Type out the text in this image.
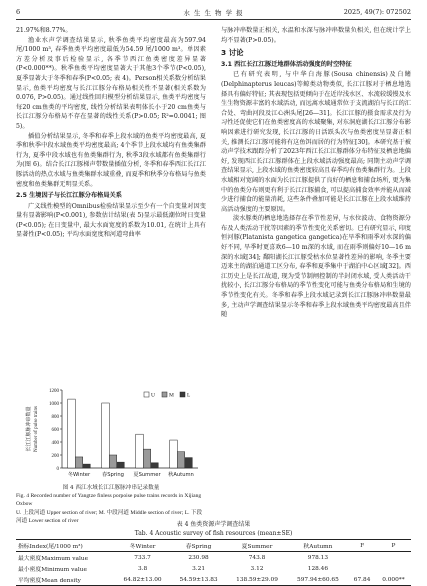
6	水 生 生 物 学 报	2025, 49(7): 072502

21.97%和8.77%。

渔业水声学调查结果显示, 秋季鱼类平均密度最高为597.94 尾/1000 m³, 春季鱼类平均密度最低为54.59 尾/1000 m³。单因素方差分析及事后检验显示, 各季节西江鱼类密度差异显著(P<0.000**)。秋季鱼类平均密度显著大于其他3个季节(P<0.05), 夏季显著大于冬季和春季(P<0.05; 表 4)。Person相关系数分析结果显示, 鱼类平均密度与长江江豚分布格局相关性不显著(相关系数为0.076, P>0.05)。通过线性回归模型分析结果显示, 鱼类平均密度与每20 cm鱼类的平均密度, 线性分析结果表明体长小于20 cm鱼类与长江江豚分布格局不存在显著的线性关系(P>0.05; R²=0.0041; 图 5)。

插值分析结果显示, 冬季和春季上段水域的鱼类平均密度最高, 夏季和秋季中段水域鱼类平均密度最高; 4个季节上段水域均有鱼类集群行为, 夏季中段水域也有鱼类集群行为, 秋季3段水域都有鱼类集群行为(图 6)。结合长江江豚梯声带数量插值分析, 冬季和春季西江长江江豚活动的热点水域与鱼类集群水域重叠, 而夏季和秋季分布格局与鱼类密度和鱼类集群无明显关系。

2.5 生境因子与长江江豚分布格局关系

广义线性模型的Omnibus检验结果显示至少有一个自变量对因变量有显著影响(P<0.001), 参数估计结果(表 5)显示最低潮位时日变量(P<0.05); 在日变量中, 最大水面宽度的系数为10.01, 在统计上具有显著性(P<0.05); 平均水面宽度和河道弯曲率

0
200
400
600
800
1000
1200
长江江豚脉冲串数量 Number of pulse trains
冬Winter 春Spring 夏Summer 秋Autumn
U	M L
图 4 西江水域长江江豚脉冲串记录数量
Fig. 4 Recorded number of Yangtze finless porpoise pulse trains records in Xijiang Oxbow
U. 上段河道 Upper section of river; M. 中段河道 Middle section of river; L. 下段河道 Lower section of river

与脉冲串数量正相关, 水温和水深与脉冲串数量负相关, 但在统计学上均不显著(P>0.05)。

3 讨论
3.1 西江长江江豚迁地群体活动强度的时空特征

已有研究表明, 与中华白海豚(Sousa chinensis)及白鳍(Delphinapterus leucas)等鲸类动物类似, 长江江豚对于栖息地选择具有偏好特征; 其表现包括更倾向于在近岸浅水区、水流较缓慢及水生生物资源丰富的水域活动, 而远离水域通常位于支流湖泊与长江的汇合处、弯曲河段及江心洲头尾[26—31]。长江江豚的摄食需求及行为习性还促使它们在鱼类密度高的水域聚集, 对东洞庭湖长江江豚分布影响因素进行研究发现, 长江江豚的日活跃头次与鱼类密度呈显著正相关, 推测长江江豚可能将有这鱼饵而居的行为特征[30]。本研究基于被动声学技术跟踪分析了2023年西江长江江豚群体分布特征及栖息地偏好, 发现西江长江江豚群体在上段水域活动强度最高; 同期主动声学调查结果显示, 上段水域的鱼类密度较高且春季均有鱼类集群行为。上段水域相对宽阔的水面为长江江豚提供了良好的栖息和捕食场所, 更为集中的鱼类分布则更有利于长江江豚捕食, 可以提高捕食效率并能从而减少进行捕食的能量消耗, 这些条件叠加可能是长江江豚在上段水域维持高活动强度的主要原因。

淡水豚类的栖息地选择存在季节性差异, 与水位波动、食物资源分布及人类活动干扰等因素的季节性变化关系密切。已有研究显示, 印度恒河豚(Platanista gangetica gangetica)在旱季和雨季对水深的偏好不同, 旱季时更喜欢6—10 m深的水域, 而在雨季则偏好10—16 m深的水域[34]; 鄱阳湖长江江豚受枯水位显著性差异的影响, 冬季主要迈来主的湖泊通道工区分布, 春季和夏季集中于湖泊中心区域[32]。西江历史上是长江故道, 现为受节制闸控制的半封闭水域, 受人类活动干扰较小, 长江江豚分布格局的季节性变化可能与鱼类分布格局和生境的季节性变化有关。冬季和春季上段水域记录到长江江豚脉冲串数量最多, 主动声学调查结果显示冬季和春季上段水域鱼类平均密度最高且伴随

表 4 鱼类资源声学调查结果
Tab. 4 Acoustic survey of fish resources (mean±SE)
指标Index(尾/1000 m³)	冬Winter	春Spring	夏Summer	秋Autumn	F	P
最大密度Maximum value	733.7	230.98	743.8	978.13		
最小密度Minimum value	3.8	3.21	3.12	128.46		
平均密度Mean density	64.82±13.00	54.59±13.83	138.59±29.09	597.94±60.65	67.84	0.000**
